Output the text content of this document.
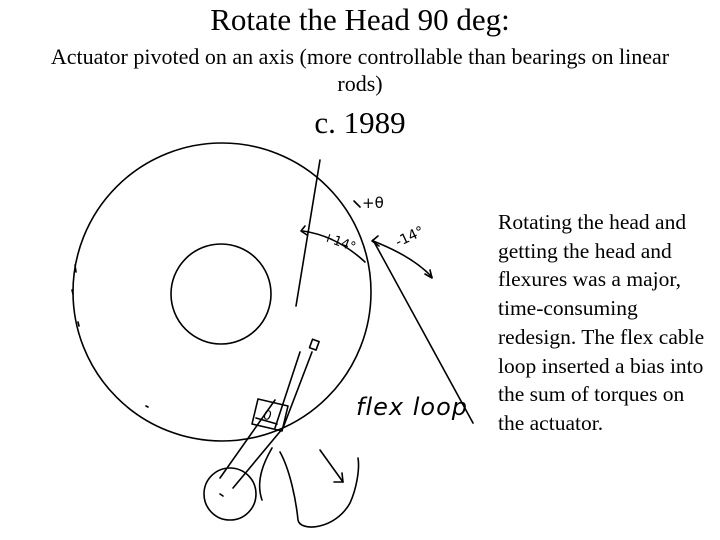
Rotate the Head 90 deg:
Actuator pivoted on an axis (more controllable than bearings on linear rods)
c. 1989
+θ
+14°	-14°
0	flex loop
Rotating the head and getting the head and flexures was a major, time-consuming redesign. The flex cable loop inserted a bias into the sum of torques on the actuator.
